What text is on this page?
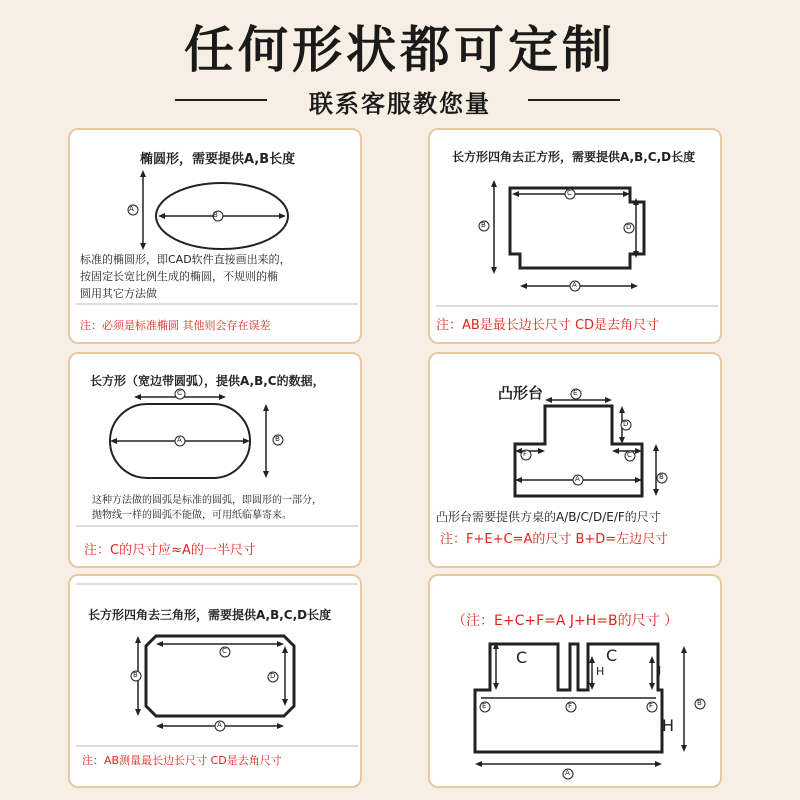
任何形状都可定制
联系客服教您量
椭圆形，需要提供A,B长度
B
A
标准的椭圆形，即CAD软件直接画出来的，
按固定长宽比例生成的椭圆，不规则的椭
圆用其它方法做
注：必须是标准椭圆 其他则会存在误差
长方形四角去正方形，需要提供A,B,C,D长度
C
B	D
A
注：AB是最长边长尺寸 CD是去角尺寸
长方形（宽边带圆弧），提供A,B,C的数据，
A
C
B
这种方法做的圆弧是标准的圆弧，即圆形的一部分，
抛物线一样的圆弧不能做，可用纸临摹寄来。
注：C的尺寸应≈A的一半尺寸
凸形台	E
D
F	C
A	B
凸形台需要提供方桌的A/B/C/D/E/F的尺寸
注：F+E+C=A的尺寸 B+D=左边尺寸
长方形四角去三角形，需要提供A,B,C,D长度
C
B	D
A
注：AB测量最长边长尺寸 CD是去角尺寸
（注：E+C+F=A J+H=B的尺寸 ）
C	C
H	J
E	F	F	B
H
A
